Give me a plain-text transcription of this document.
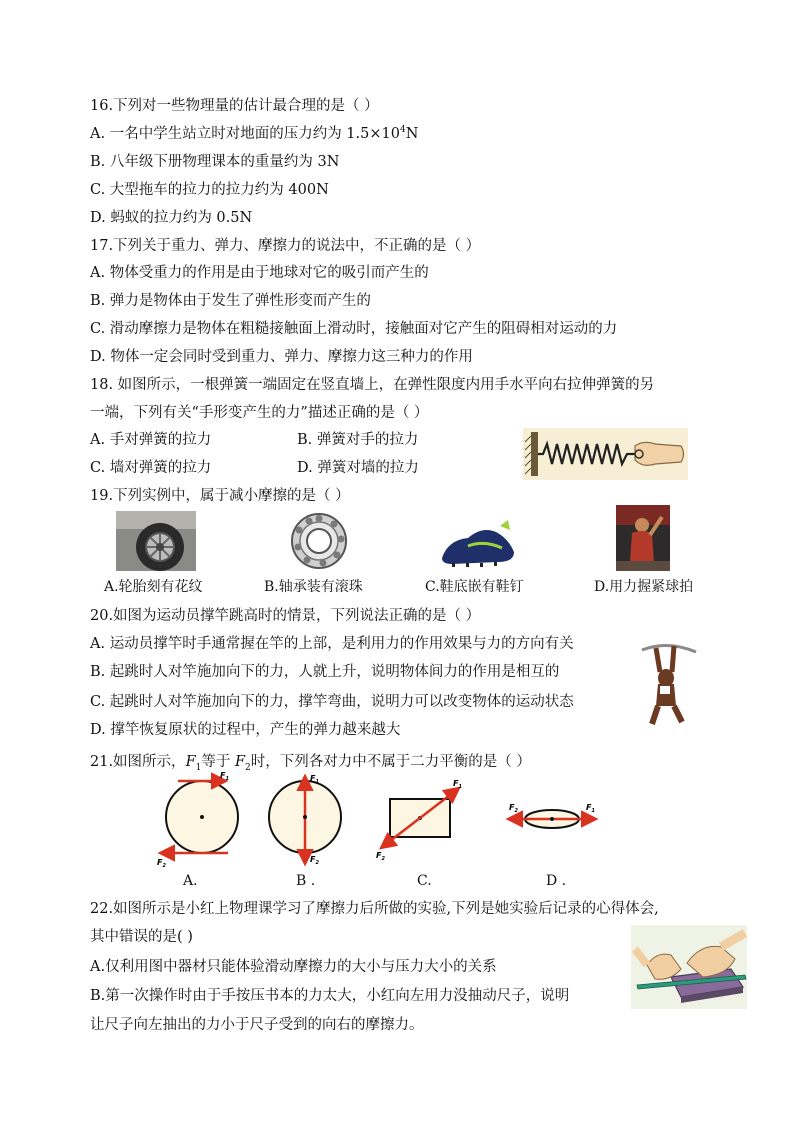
16.下列对一些物理量的估计最合理的是（ ）
A. 一名中学生站立时对地面的压力约为 $1.5\times 10^4N$
B. 八年级下册物理课本的重量约为 3N
C. 大型拖车的拉力的拉力约为 400N
D. 蚂蚁的拉力约为 0.5N
17.下列关于重力、弹力、摩擦力的说法中，不正确的是（ ）
A. 物体受重力的作用是由于地球对它的吸引而产生的
B. 弹力是物体由于发生了弹性形变而产生的
C. 滑动摩擦力是物体在粗糙接触面上滑动时，接触面对它产生的阻碍相对运动的力
D. 物体一定会同时受到重力、弹力、摩擦力这三种力的作用
18. 如图所示，一根弹簧一端固定在竖直墙上，在弹性限度内用手水平向右拉伸弹簧的另
一端，下列有关“手形变产生的力”描述正确的是（ ）
A. 手对弹簧的拉力	B. 弹簧对手的拉力
C. 墙对弹簧的拉力	D. 弹簧对墙的拉力
19.下列实例中，属于减小摩擦的是（ ）
A.轮胎刻有花纹	B.轴承装有滚珠	C.鞋底嵌有鞋钉	D.用力握紧球拍
20.如图为运动员撑竿跳高时的情景，下列说法正确的是（ ）
A. 运动员撑竿时手通常握在竿的上部，是利用力的作用效果与力的方向有关
B. 起跳时人对竿施加向下的力，人就上升，说明物体间力的作用是相互的
C. 起跳时人对竿施加向下的力，撑竿弯曲，说明力可以改变物体的运动状态
D. 撑竿恢复原状的过程中，产生的弹力越来越大
21.如图所示，$F_1$等于 $F_2$时，下列各对力中不属于二力平衡的是（ ）
$F_1$
$F_2$
$F_1$
$F_2$
$F_1$
$F_2$
$F_1$
$F_2$
A.	B .	C.	D .
22.如图所示是小红上物理课学习了摩擦力后所做的实验,下列是她实验后记录的心得体会,
其中错误的是( )
A.仅利用图中器材只能体验滑动摩擦力的大小与压力大小的关系
B.第一次操作时由于手按压书本的力太大，小红向左用力没抽动尺子，说明
让尺子向左抽出的力小于尺子受到的向右的摩擦力。
